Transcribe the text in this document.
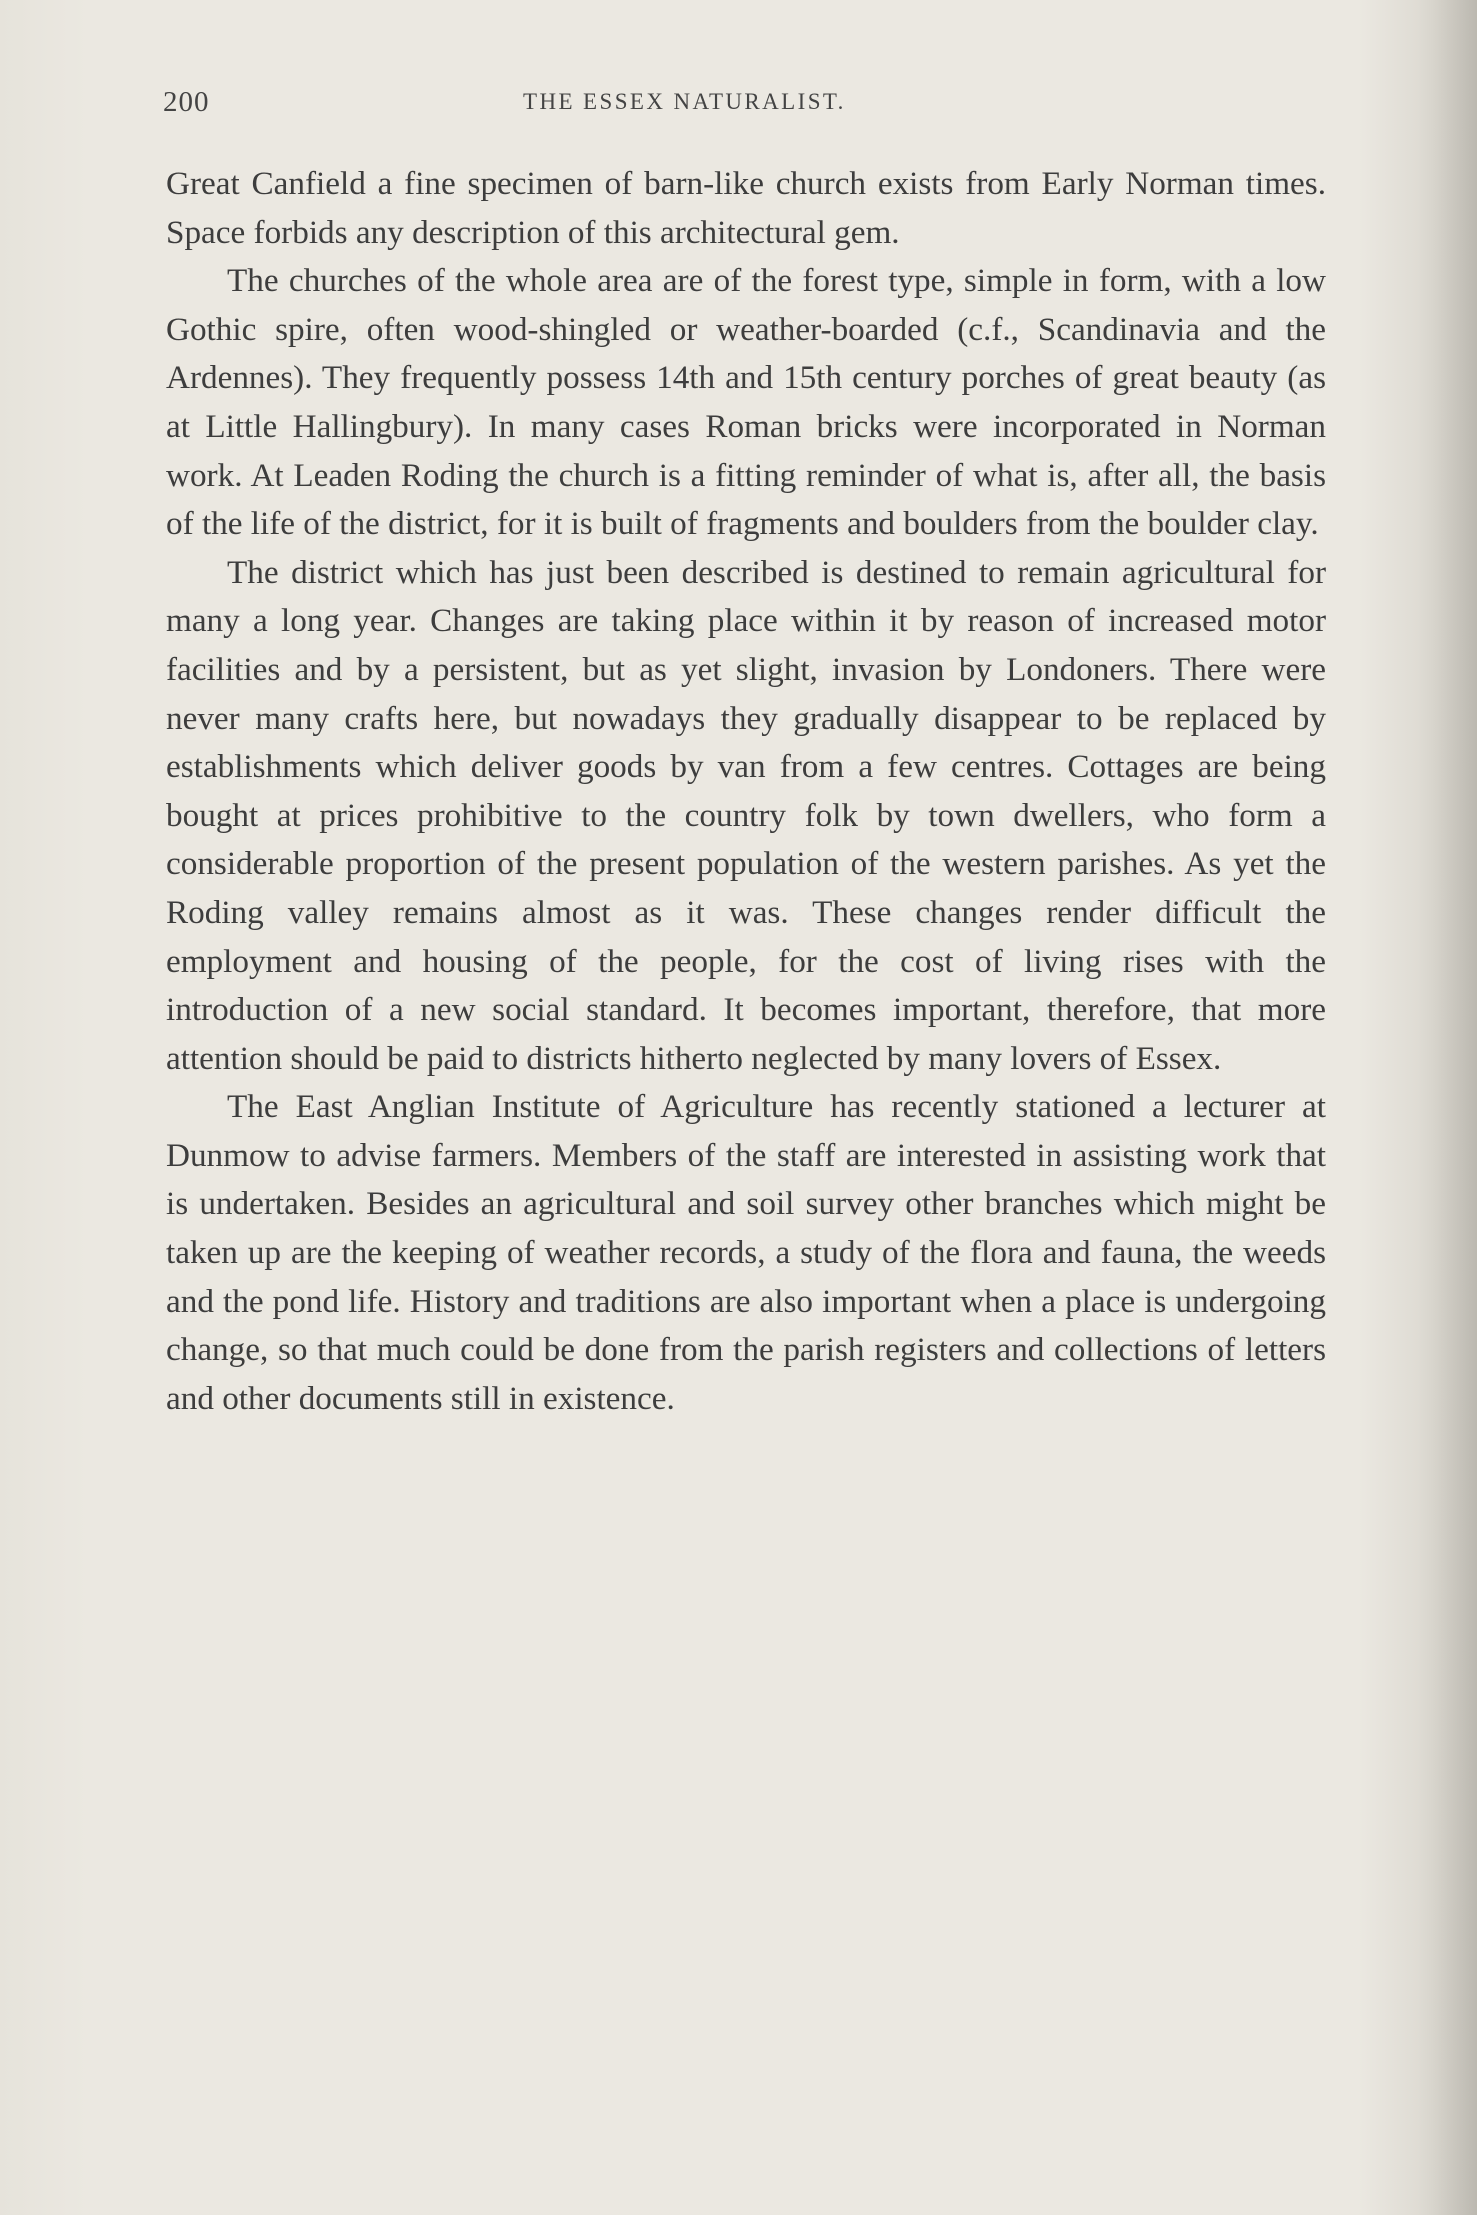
200	THE ESSEX NATURALIST.

Great Canfield a fine specimen of barn-like church exists from Early Norman times. Space forbids any description of this architectural gem.

The churches of the whole area are of the forest type, simple in form, with a low Gothic spire, often wood-shingled or weather-boarded (c.f., Scandinavia and the Ardennes). They frequently possess 14th and 15th century porches of great beauty (as at Little Hallingbury). In many cases Roman bricks were incorporated in Norman work. At Leaden Roding the church is a fitting reminder of what is, after all, the basis of the life of the district, for it is built of fragments and boulders from the boulder clay.

The district which has just been described is destined to remain agricultural for many a long year. Changes are taking place within it by reason of increased motor facilities and by a persistent, but as yet slight, invasion by Londoners. There were never many crafts here, but nowadays they gradually disappear to be replaced by establishments which deliver goods by van from a few centres. Cottages are being bought at prices prohibitive to the country folk by town dwellers, who form a considerable proportion of the present population of the western parishes. As yet the Roding valley remains almost as it was. These changes render difficult the employment and housing of the people, for the cost of living rises with the introduction of a new social standard. It becomes important, therefore, that more attention should be paid to districts hitherto neglected by many lovers of Essex.

The East Anglian Institute of Agriculture has recently stationed a lecturer at Dunmow to advise farmers. Members of the staff are interested in assisting work that is undertaken. Besides an agricultural and soil survey other branches which might be taken up are the keeping of weather records, a study of the flora and fauna, the weeds and the pond life. History and traditions are also important when a place is undergoing change, so that much could be done from the parish registers and collections of letters and other documents still in existence.
